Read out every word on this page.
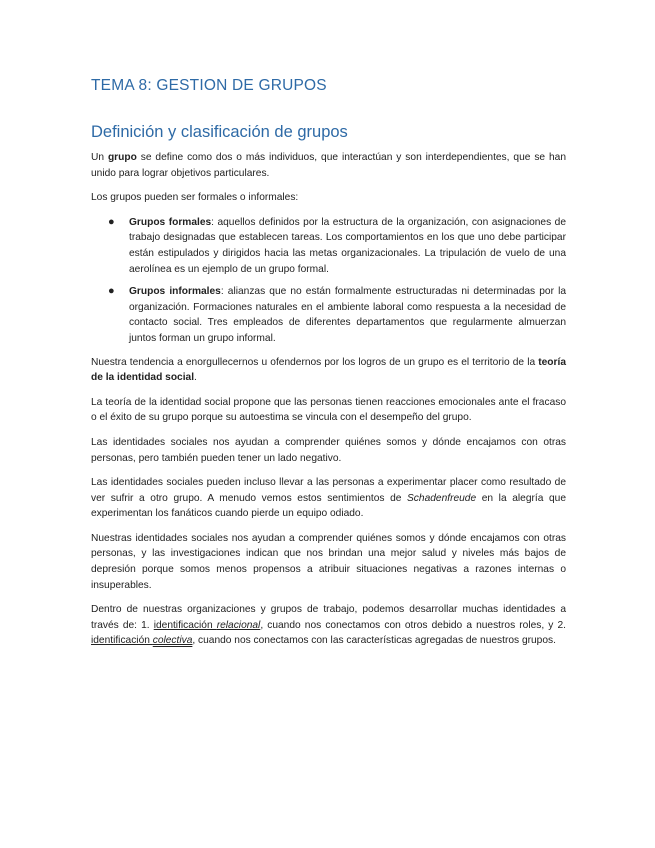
TEMA 8: GESTION DE GRUPOS
Definición y clasificación de grupos

Un grupo se define como dos o más individuos, que interactúan y son interdependientes, que se han unido para lograr objetivos particulares.

Los grupos pueden ser formales o informales:

● Grupos formales: aquellos definidos por la estructura de la organización, con asignaciones de trabajo designadas que establecen tareas. Los comportamientos en los que uno debe participar están estipulados y dirigidos hacia las metas organizacionales. La tripulación de vuelo de una aerolínea es un ejemplo de un grupo formal.
● Grupos informales: alianzas que no están formalmente estructuradas ni determinadas por la organización. Formaciones naturales en el ambiente laboral como respuesta a la necesidad de contacto social. Tres empleados de diferentes departamentos que regularmente almuerzan juntos forman un grupo informal.

Nuestra tendencia a enorgullecernos u ofendernos por los logros de un grupo es el territorio de la teoría de la identidad social.

La teoría de la identidad social propone que las personas tienen reacciones emocionales ante el fracaso o el éxito de su grupo porque su autoestima se vincula con el desempeño del grupo.

Las identidades sociales nos ayudan a comprender quiénes somos y dónde encajamos con otras personas, pero también pueden tener un lado negativo.

Las identidades sociales pueden incluso llevar a las personas a experimentar placer como resultado de ver sufrir a otro grupo. A menudo vemos estos sentimientos de Schadenfreude en la alegría que experimentan los fanáticos cuando pierde un equipo odiado.

Nuestras identidades sociales nos ayudan a comprender quiénes somos y dónde encajamos con otras personas, y las investigaciones indican que nos brindan una mejor salud y niveles más bajos de depresión porque somos menos propensos a atribuir situaciones negativas a razones internas o insuperables.

Dentro de nuestras organizaciones y grupos de trabajo, podemos desarrollar muchas identidades a través de: 1. identificación relacional, cuando nos conectamos con otros debido a nuestros roles, y 2. identificación colectiva, cuando nos conectamos con las características agregadas de nuestros grupos.
